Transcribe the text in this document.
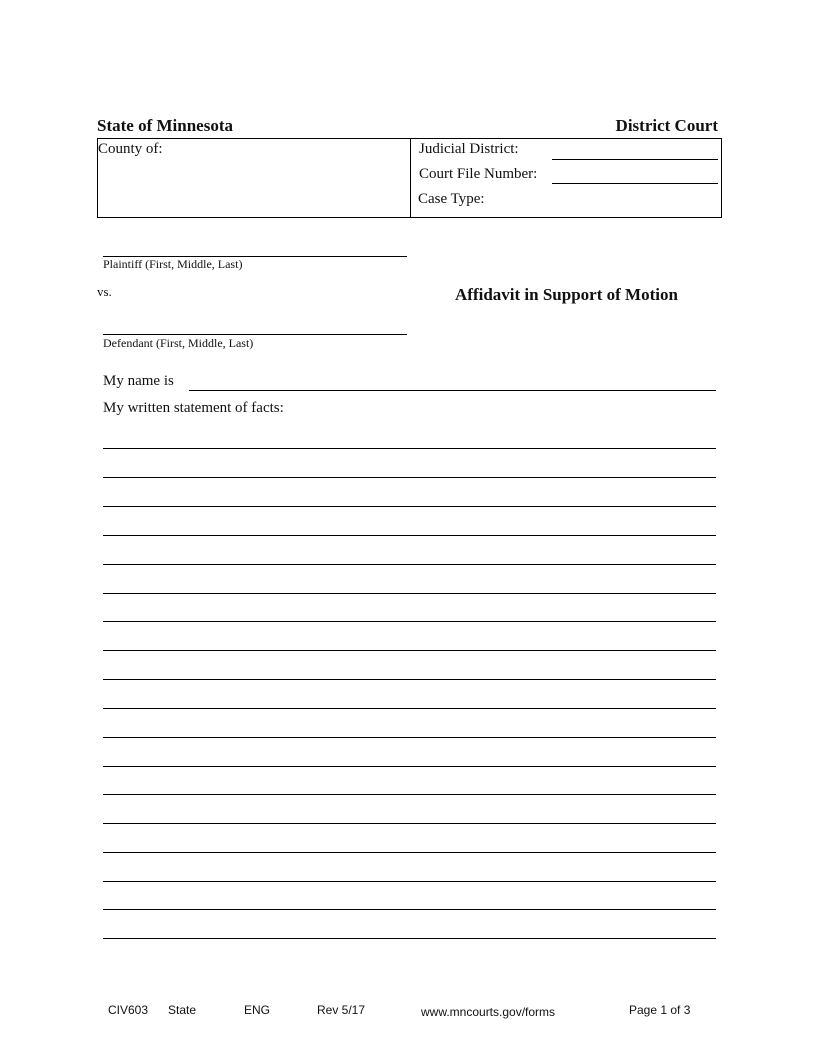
State of Minnesota	District Court
County of:	Judicial District:
Court File Number:
Case Type:
Plaintiff (First, Middle, Last)
vs.	Affidavit in Support of Motion
Defendant (First, Middle, Last)
My name is
My written statement of facts:
CIV603 State	ENG	Rev 5/17	www.mncourts.gov/forms	Page 1 of 3
